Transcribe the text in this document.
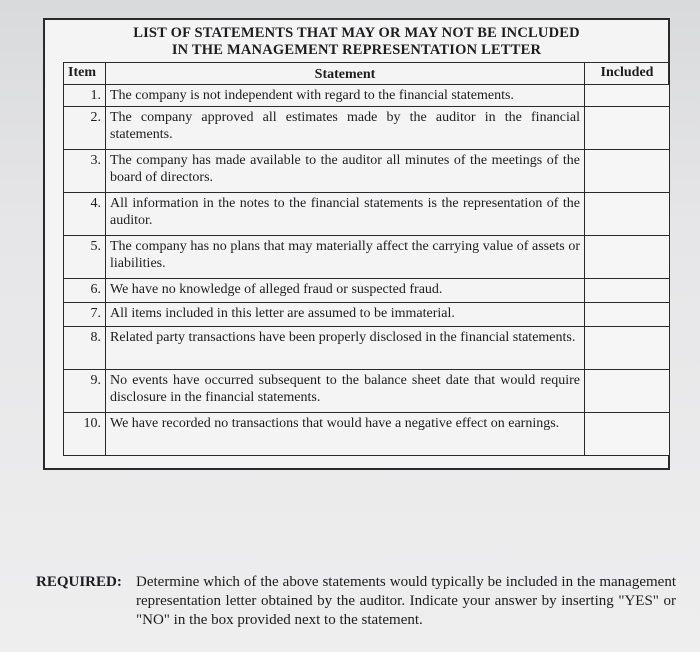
LIST OF STATEMENTS THAT MAY OR MAY NOT BE INCLUDED
IN THE MANAGEMENT REPRESENTATION LETTER
Item	Statement	Included
1.	The company is not independent with regard to the financial statements.	
2.	The company approved all estimates made by the auditor in the financial statements.	
3.	The company has made available to the auditor all minutes of the meetings of the board of directors.	
4.	All information in the notes to the financial statements is the representation of the auditor.	
5.	The company has no plans that may materially affect the carrying value of assets or liabilities.	
6.	We have no knowledge of alleged fraud or suspected fraud.	
7.	All items included in this letter are assumed to be immaterial.	
8.	Related party transactions have been properly disclosed in the financial statements.	
9.	No events have occurred subsequent to the balance sheet date that would require disclosure in the financial statements.	
10.	We have recorded no transactions that would have a negative effect on earnings.	
REQUIRED:	Determine which of the above statements would typically be included in the management representation letter obtained by the auditor. Indicate your answer by inserting "YES" or "NO" in the box provided next to the statement.
